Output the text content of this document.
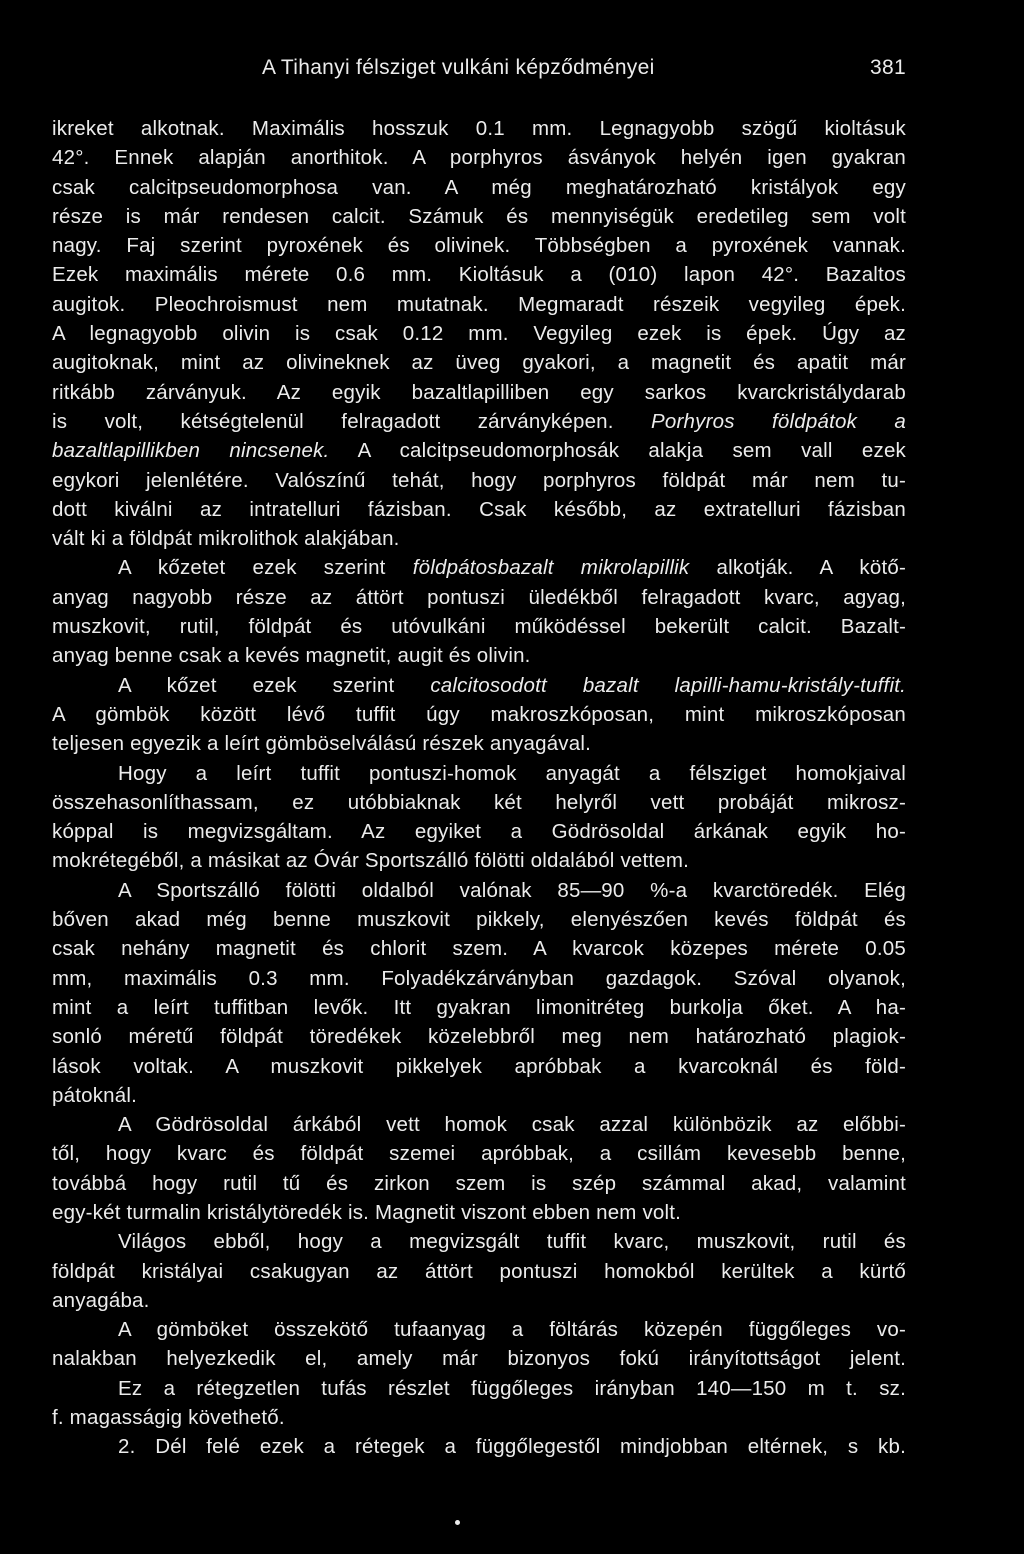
A Tihanyi félsziget vulkáni képződményei	381
ikreket alkotnak. Maximális hosszuk 0.1 mm. Legnagyobb szögű kioltásuk
42°. Ennek alapján anorthitok. A porphyros ásványok helyén igen gyakran
csak calcitpseudomorphosa van. A még meghatározható kristályok egy
része is már rendesen calcit. Számuk és mennyiségük eredetileg sem volt
nagy. Faj szerint pyroxének és olivinek. Többségben a pyroxének vannak.
Ezek maximális mérete 0.6 mm. Kioltásuk a (010) lapon 42°. Bazaltos
augitok. Pleochroismust nem mutatnak. Megmaradt részeik vegyileg épek.
A legnagyobb olivin is csak 0.12 mm. Vegyileg ezek is épek. Úgy az
augitoknak, mint az olivineknek az üveg gyakori, a magnetit és apatit már
ritkább zárványuk. Az egyik bazaltlapilliben egy sarkos kvarckristálydarab
is volt, kétségtelenül felragadott zárványképen. Porhyros földpátok a
bazaltlapillikben nincsenek. A calcitpseudomorphosák alakja sem vall ezek
egykori jelenlétére. Valószínű tehát, hogy porphyros földpát már nem tu-
dott kiválni az intratelluri fázisban. Csak később, az extratelluri fázisban
vált ki a földpát mikrolithok alakjában.
A kőzetet ezek szerint földpátosbazalt mikrolapillik alkotják. A kötő-
anyag nagyobb része az áttört pontuszi üledékből felragadott kvarc, agyag,
muszkovit, rutil, földpát és utóvulkáni működéssel bekerült calcit. Bazalt-
anyag benne csak a kevés magnetit, augit és olivin.
A kőzet ezek szerint calcitosodott bazalt lapilli-hamu-kristály-tuffit.
A gömbök között lévő tuffit úgy makroszkóposan, mint mikroszkóposan
teljesen egyezik a leírt gömböselválású részek anyagával.
Hogy a leírt tuffit pontuszi-homok anyagát a félsziget homokjaival
összehasonlíthassam, ez utóbbiaknak két helyről vett probáját mikrosz-
kóppal is megvizsgáltam. Az egyiket a Gödrösoldal árkának egyik ho-
mokrétegéből, a másikat az Óvár Sportszálló fölötti oldalából vettem.
A Sportszálló fölötti oldalból valónak 85—90 %-a kvarctöredék. Elég
bőven akad még benne muszkovit pikkely, elenyészően kevés földpát és
csak nehány magnetit és chlorit szem. A kvarcok közepes mérete 0.05
mm, maximális 0.3 mm. Folyadékzárványban gazdagok. Szóval olyanok,
mint a leírt tuffitban levők. Itt gyakran limonitréteg burkolja őket. A ha-
sonló méretű földpát töredékek közelebbről meg nem határozható plagiok-
lások voltak. A muszkovit pikkelyek apróbbak a kvarcoknál és föld-
pátoknál.
A Gödrösoldal árkából vett homok csak azzal különbözik az előbbi-
től, hogy kvarc és földpát szemei apróbbak, a csillám kevesebb benne,
továbbá hogy rutil tű és zirkon szem is szép számmal akad, valamint
egy-két turmalin kristálytöredék is. Magnetit viszont ebben nem volt.
Világos ebből, hogy a megvizsgált tuffit kvarc, muszkovit, rutil és
földpát kristályai csakugyan az áttört pontuszi homokból kerültek a kürtő
anyagába.
A gömböket összekötő tufaanyag a föltárás közepén függőleges vo-
nalakban helyezkedik el, amely már bizonyos fokú irányítottságot jelent.
Ez a rétegzetlen tufás részlet függőleges irányban 140—150 m t. sz.
f. magasságig követhető.
2. Dél felé ezek a rétegek a függőlegestől mindjobban eltérnek, s kb.
